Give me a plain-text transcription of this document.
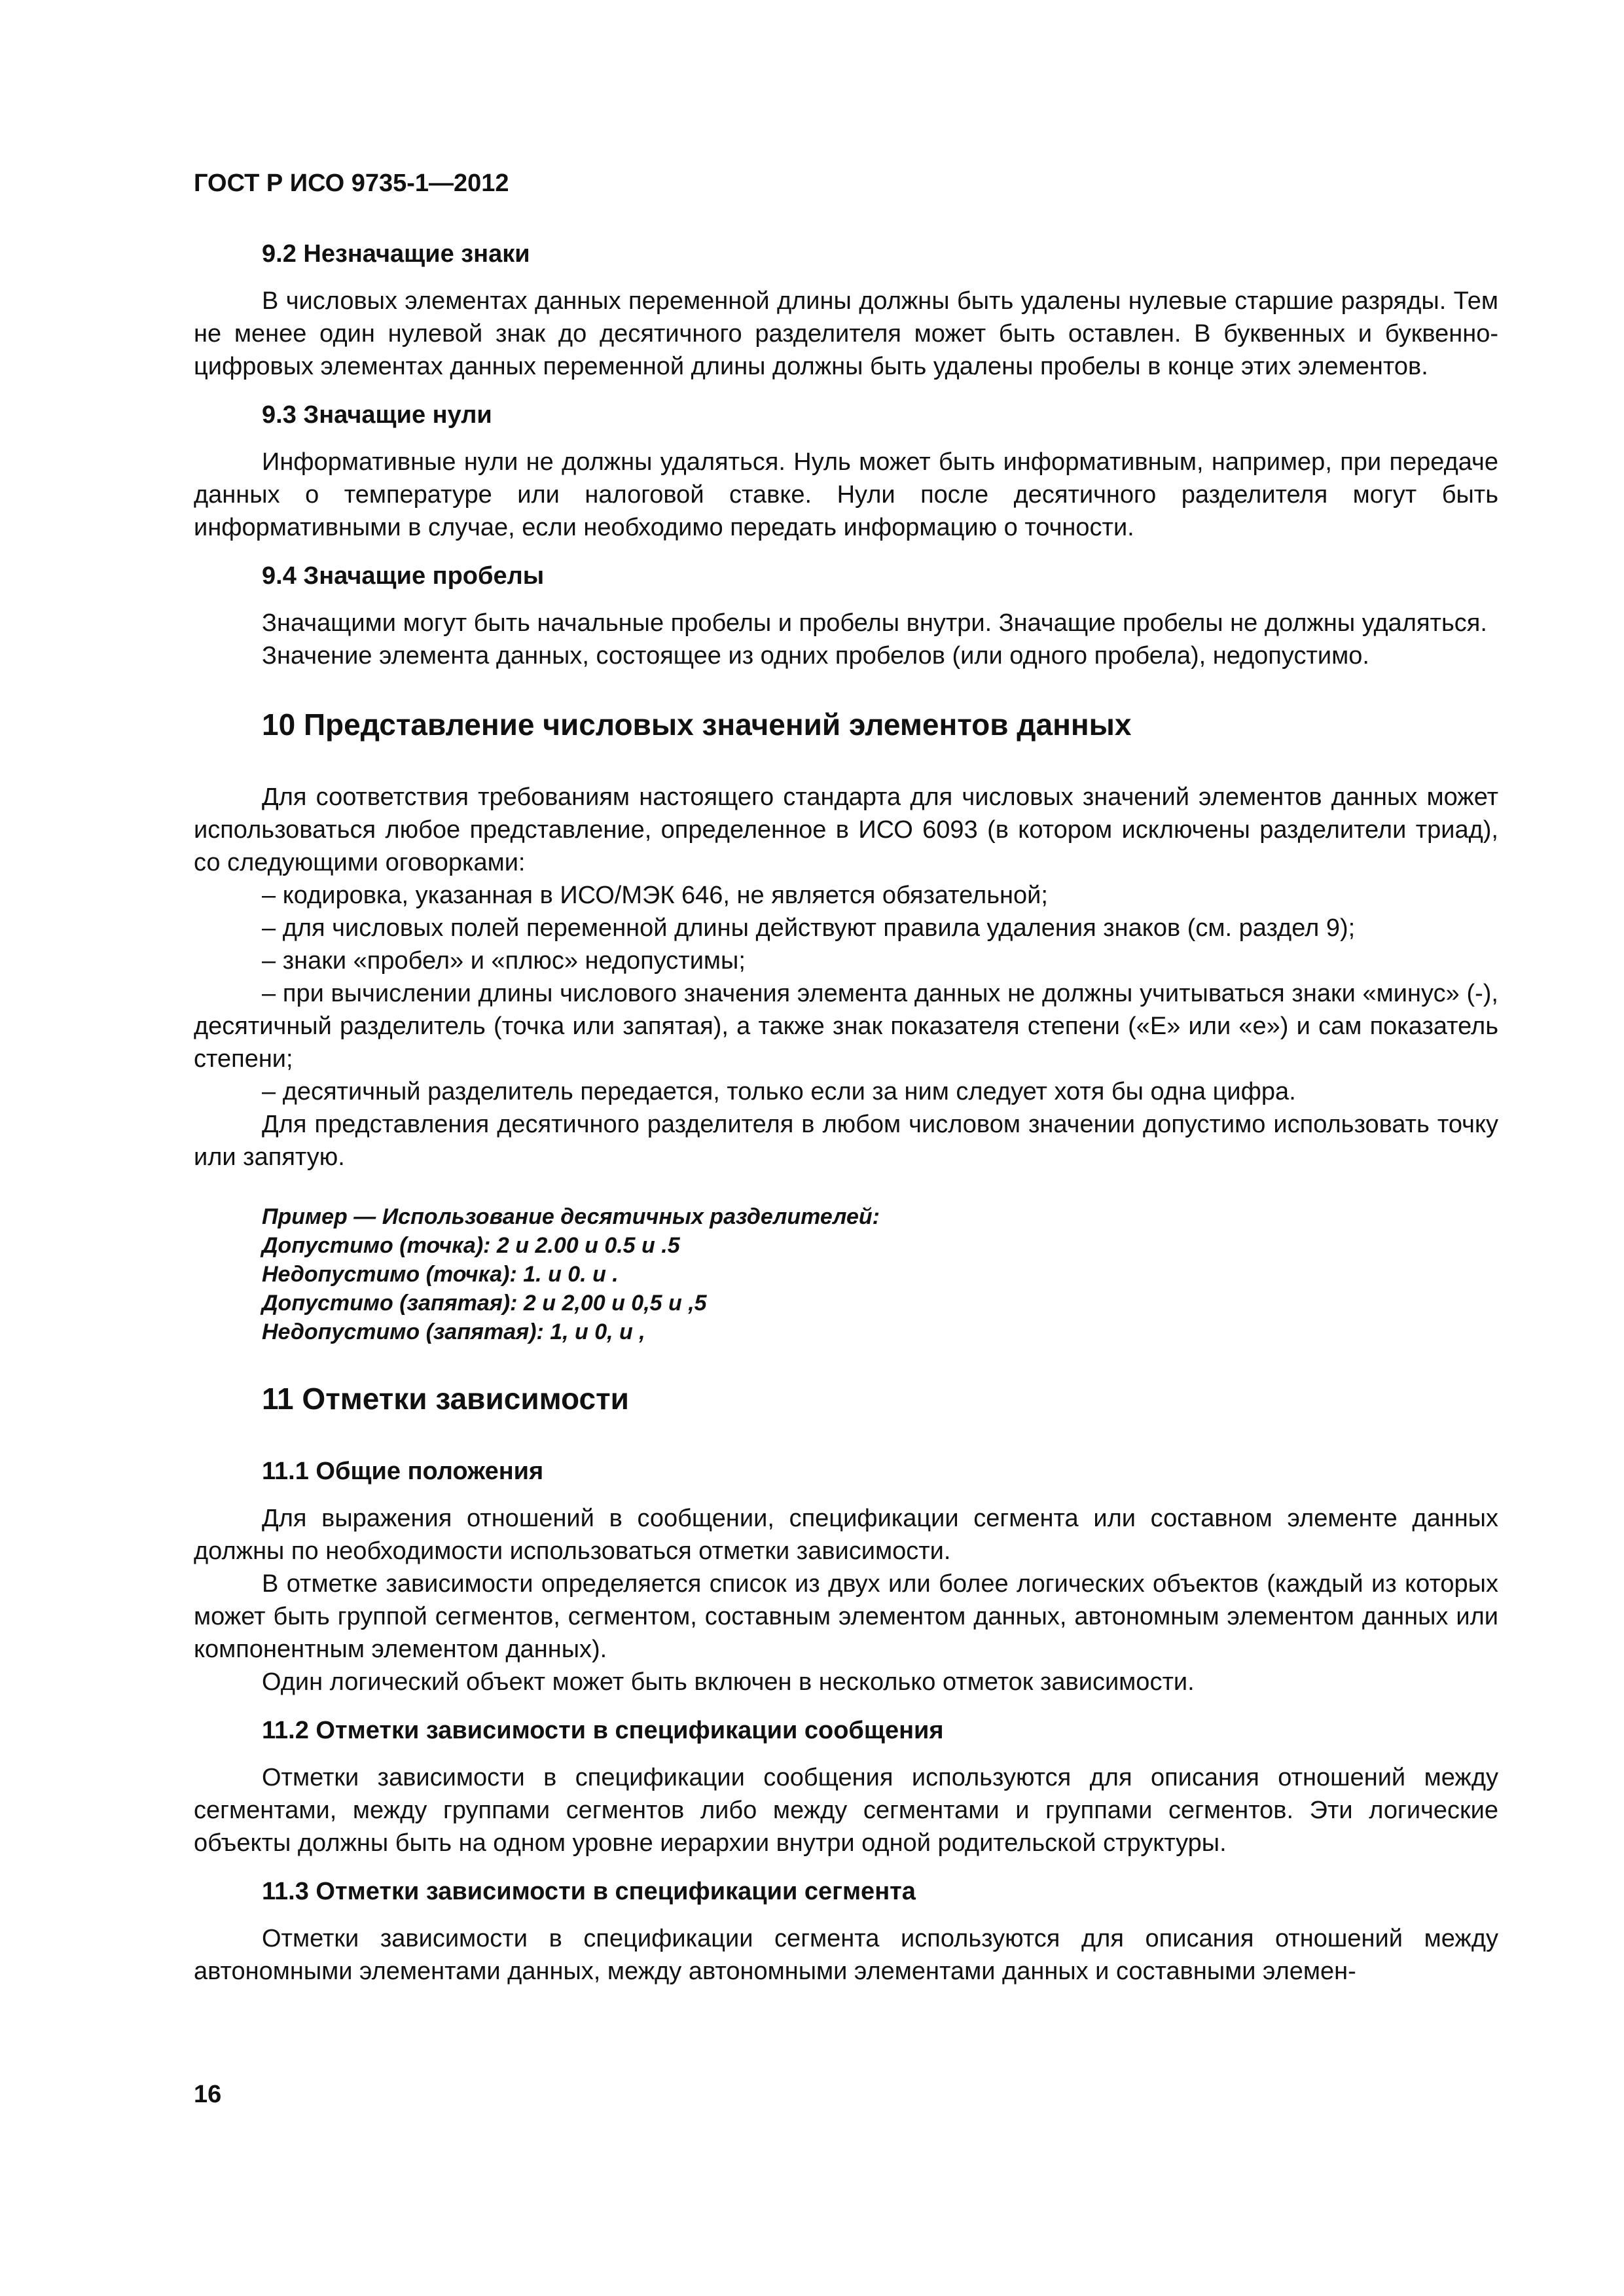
ГОСТ Р ИСО 9735-1—2012
9.2 Незначащие знаки

В числовых элементах данных переменной длины должны быть удалены нулевые старшие разряды. Тем не менее один нулевой знак до десятичного разделителя может быть оставлен. В буквенных и буквенно-цифровых элементах данных переменной длины должны быть удалены пробелы в конце этих элементов.

9.3 Значащие нули

Информативные нули не должны удаляться. Нуль может быть информативным, например, при передаче данных о температуре или налоговой ставке. Нули после десятичного разделителя могут быть информативными в случае, если необходимо передать информацию о точности.

9.4 Значащие пробелы

Значащими могут быть начальные пробелы и пробелы внутри. Значащие пробелы не должны удаляться.

Значение элемента данных, состоящее из одних пробелов (или одного пробела), недопустимо.

10 Представление числовых значений элементов данных

Для соответствия требованиям настоящего стандарта для числовых значений элементов данных может использоваться любое представление, определенное в ИСО 6093 (в котором исключены разделители триад), со следующими оговорками:

– кодировка, указанная в ИСО/МЭК 646, не является обязательной;

– для числовых полей переменной длины действуют правила удаления знаков (см. раздел 9);

– знаки «пробел» и «плюс» недопустимы;

– при вычислении длины числового значения элемента данных не должны учитываться знаки «минус» (-), десятичный разделитель (точка или запятая), а также знак показателя степени («Е» или «е») и сам показатель степени;

– десятичный разделитель передается, только если за ним следует хотя бы одна цифра.

Для представления десятичного разделителя в любом числовом значении допустимо использовать точку или запятую.

Пример — Использование десятичных разделителей:
Допустимо (точка): 2 и 2.00 и 0.5 и .5
Недопустимо (точка): 1. и 0. и .
Допустимо (запятая): 2 и 2,00 и 0,5 и ,5
Недопустимо (запятая): 1, и 0, и ,
11 Отметки зависимости
11.1 Общие положения

Для выражения отношений в сообщении, спецификации сегмента или составном элементе данных должны по необходимости использоваться отметки зависимости.

В отметке зависимости определяется список из двух или более логических объектов (каждый из которых может быть группой сегментов, сегментом, составным элементом данных, автономным элементом данных или компонентным элементом данных).

Один логический объект может быть включен в несколько отметок зависимости.

11.2 Отметки зависимости в спецификации сообщения

Отметки зависимости в спецификации сообщения используются для описания отношений между сегментами, между группами сегментов либо между сегментами и группами сегментов. Эти логические объекты должны быть на одном уровне иерархии внутри одной родительской структуры.

11.3 Отметки зависимости в спецификации сегмента

Отметки зависимости в спецификации сегмента используются для описания отношений между автономными элементами данных, между автономными элементами данных и составными элемен-

16
